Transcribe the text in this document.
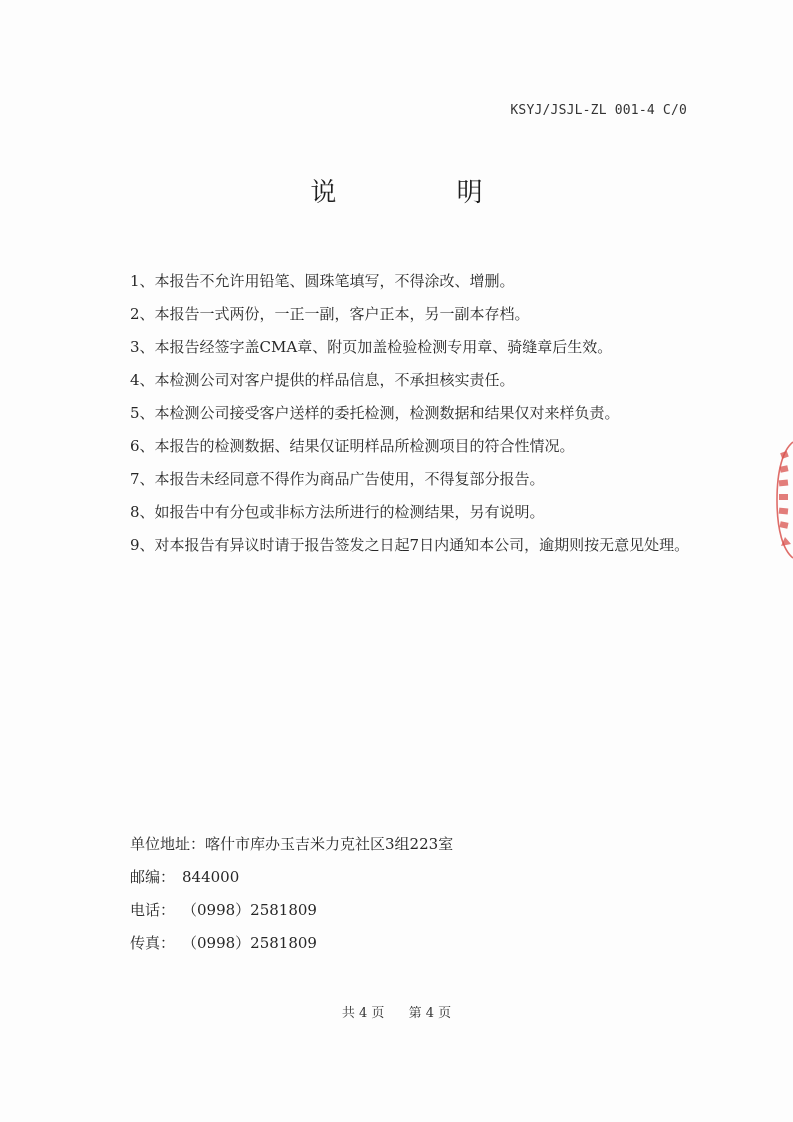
KSYJ/JSJL-ZL 001-4 C/0
说 明
1、本报告不允许用铅笔、圆珠笔填写，不得涂改、增删。
2、本报告一式两份，一正一副，客户正本，另一副本存档。
3、本报告经签字盖CMA章、附页加盖检验检测专用章、骑缝章后生效。
4、本检测公司对客户提供的样品信息，不承担核实责任。
5、本检测公司接受客户送样的委托检测，检测数据和结果仅对来样负责。
6、本报告的检测数据、结果仅证明样品所检测项目的符合性情况。
7、本报告未经同意不得作为商品广告使用，不得复部分报告。
8、如报告中有分包或非标方法所进行的检测结果，另有说明。
9、对本报告有异议时请于报告签发之日起7日内通知本公司，逾期则按无意见处理。
单位地址：喀什市库办玉吉米力克社区3组223室
邮编： 844000
电话： （0998）2581809
传真： （0998）2581809
共 4 页 第 4 页
